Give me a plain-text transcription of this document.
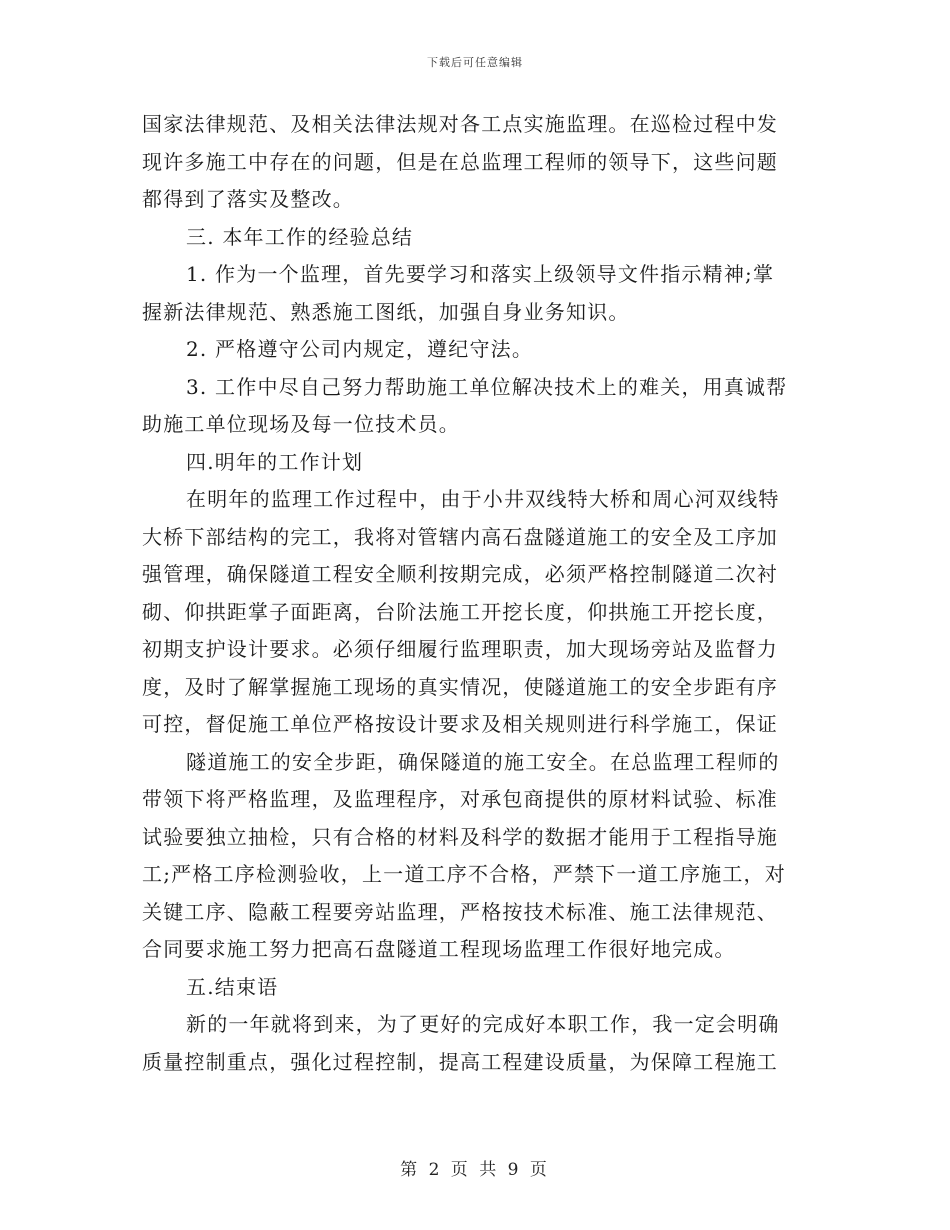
下载后可任意编辑
国家法律规范、及相关法律法规对各工点实施监理。在巡检过程中发
现许多施工中存在的问题，但是在总监理工程师的领导下，这些问题
都得到了落实及整改。
三. 本年工作的经验总结
1. 作为一个监理，首先要学习和落实上级领导文件指示精神;掌
握新法律规范、熟悉施工图纸，加强自身业务知识。
2. 严格遵守公司内规定，遵纪守法。
3. 工作中尽自己努力帮助施工单位解决技术上的难关，用真诚帮
助施工单位现场及每一位技术员。
四.明年的工作计划
在明年的监理工作过程中，由于小井双线特大桥和周心河双线特
大桥下部结构的完工，我将对管辖内高石盘隧道施工的安全及工序加
强管理，确保隧道工程安全顺利按期完成，必须严格控制隧道二次衬
砌、仰拱距掌子面距离，台阶法施工开挖长度，仰拱施工开挖长度，
初期支护设计要求。必须仔细履行监理职责，加大现场旁站及监督力
度，及时了解掌握施工现场的真实情况，使隧道施工的安全步距有序
可控，督促施工单位严格按设计要求及相关规则进行科学施工，保证
隧道施工的安全步距，确保隧道的施工安全。在总监理工程师的
带领下将严格监理，及监理程序，对承包商提供的原材料试验、标准
试验要独立抽检，只有合格的材料及科学的数据才能用于工程指导施
工;严格工序检测验收，上一道工序不合格，严禁下一道工序施工，对
关键工序、隐蔽工程要旁站监理，严格按技术标准、施工法律规范、
合同要求施工努力把高石盘隧道工程现场监理工作很好地完成。
五.结束语
新的一年就将到来，为了更好的完成好本职工作，我一定会明确
质量控制重点，强化过程控制，提高工程建设质量，为保障工程施工
第 2 页 共 9 页
